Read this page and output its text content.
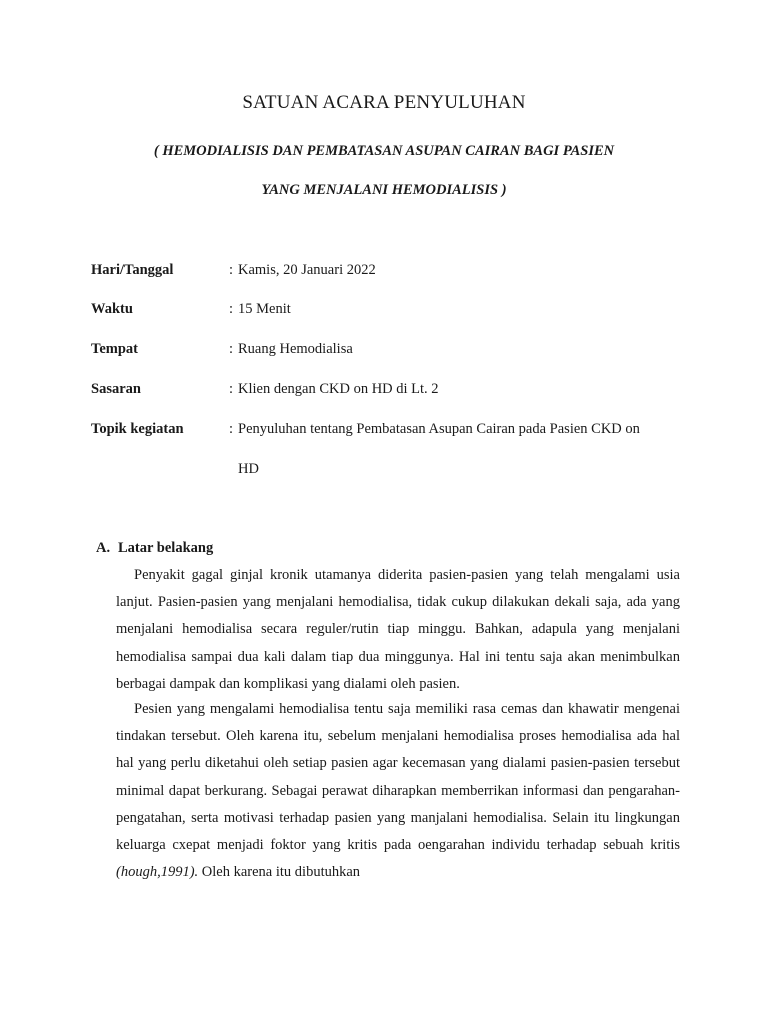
SATUAN ACARA PENYULUHAN
( HEMODIALISIS DAN PEMBATASAN ASUPAN CAIRAN BAGI PASIEN
YANG MENJALANI HEMODIALISIS )
Hari/Tanggal	: Kamis, 20 Januari 2022
Waktu	: 15 Menit
Tempat	: Ruang Hemodialisa
Sasaran	: Klien dengan CKD on HD di Lt. 2
Topik kegiatan	: Penyuluhan tentang Pembatasan Asupan Cairan pada Pasien CKD on
HD
A. Latar belakang
Penyakit gagal ginjal kronik utamanya diderita pasien-pasien yang telah mengalami usia lanjut. Pasien-pasien yang menjalani hemodialisa, tidak cukup dilakukan dekali saja, ada yang menjalani hemodialisa secara reguler/rutin tiap minggu. Bahkan, adapula yang menjalani hemodialisa sampai dua kali dalam tiap dua minggunya. Hal ini tentu saja akan menimbulkan berbagai dampak dan komplikasi yang dialami oleh pasien.
Pesien yang mengalami hemodialisa tentu saja memiliki rasa cemas dan khawatir mengenai tindakan tersebut. Oleh karena itu, sebelum menjalani hemodialisa proses hemodialisa ada hal hal yang perlu diketahui oleh setiap pasien agar kecemasan yang dialami pasien-pasien tersebut minimal dapat berkurang. Sebagai perawat diharapkan memberrikan informasi dan pengarahan-pengatahan, serta motivasi terhadap pasien yang manjalani hemodialisa. Selain itu lingkungan keluarga cxepat menjadi foktor yang kritis pada oengarahan individu terhadap sebuah kritis (hough,1991). Oleh karena itu dibutuhkan
